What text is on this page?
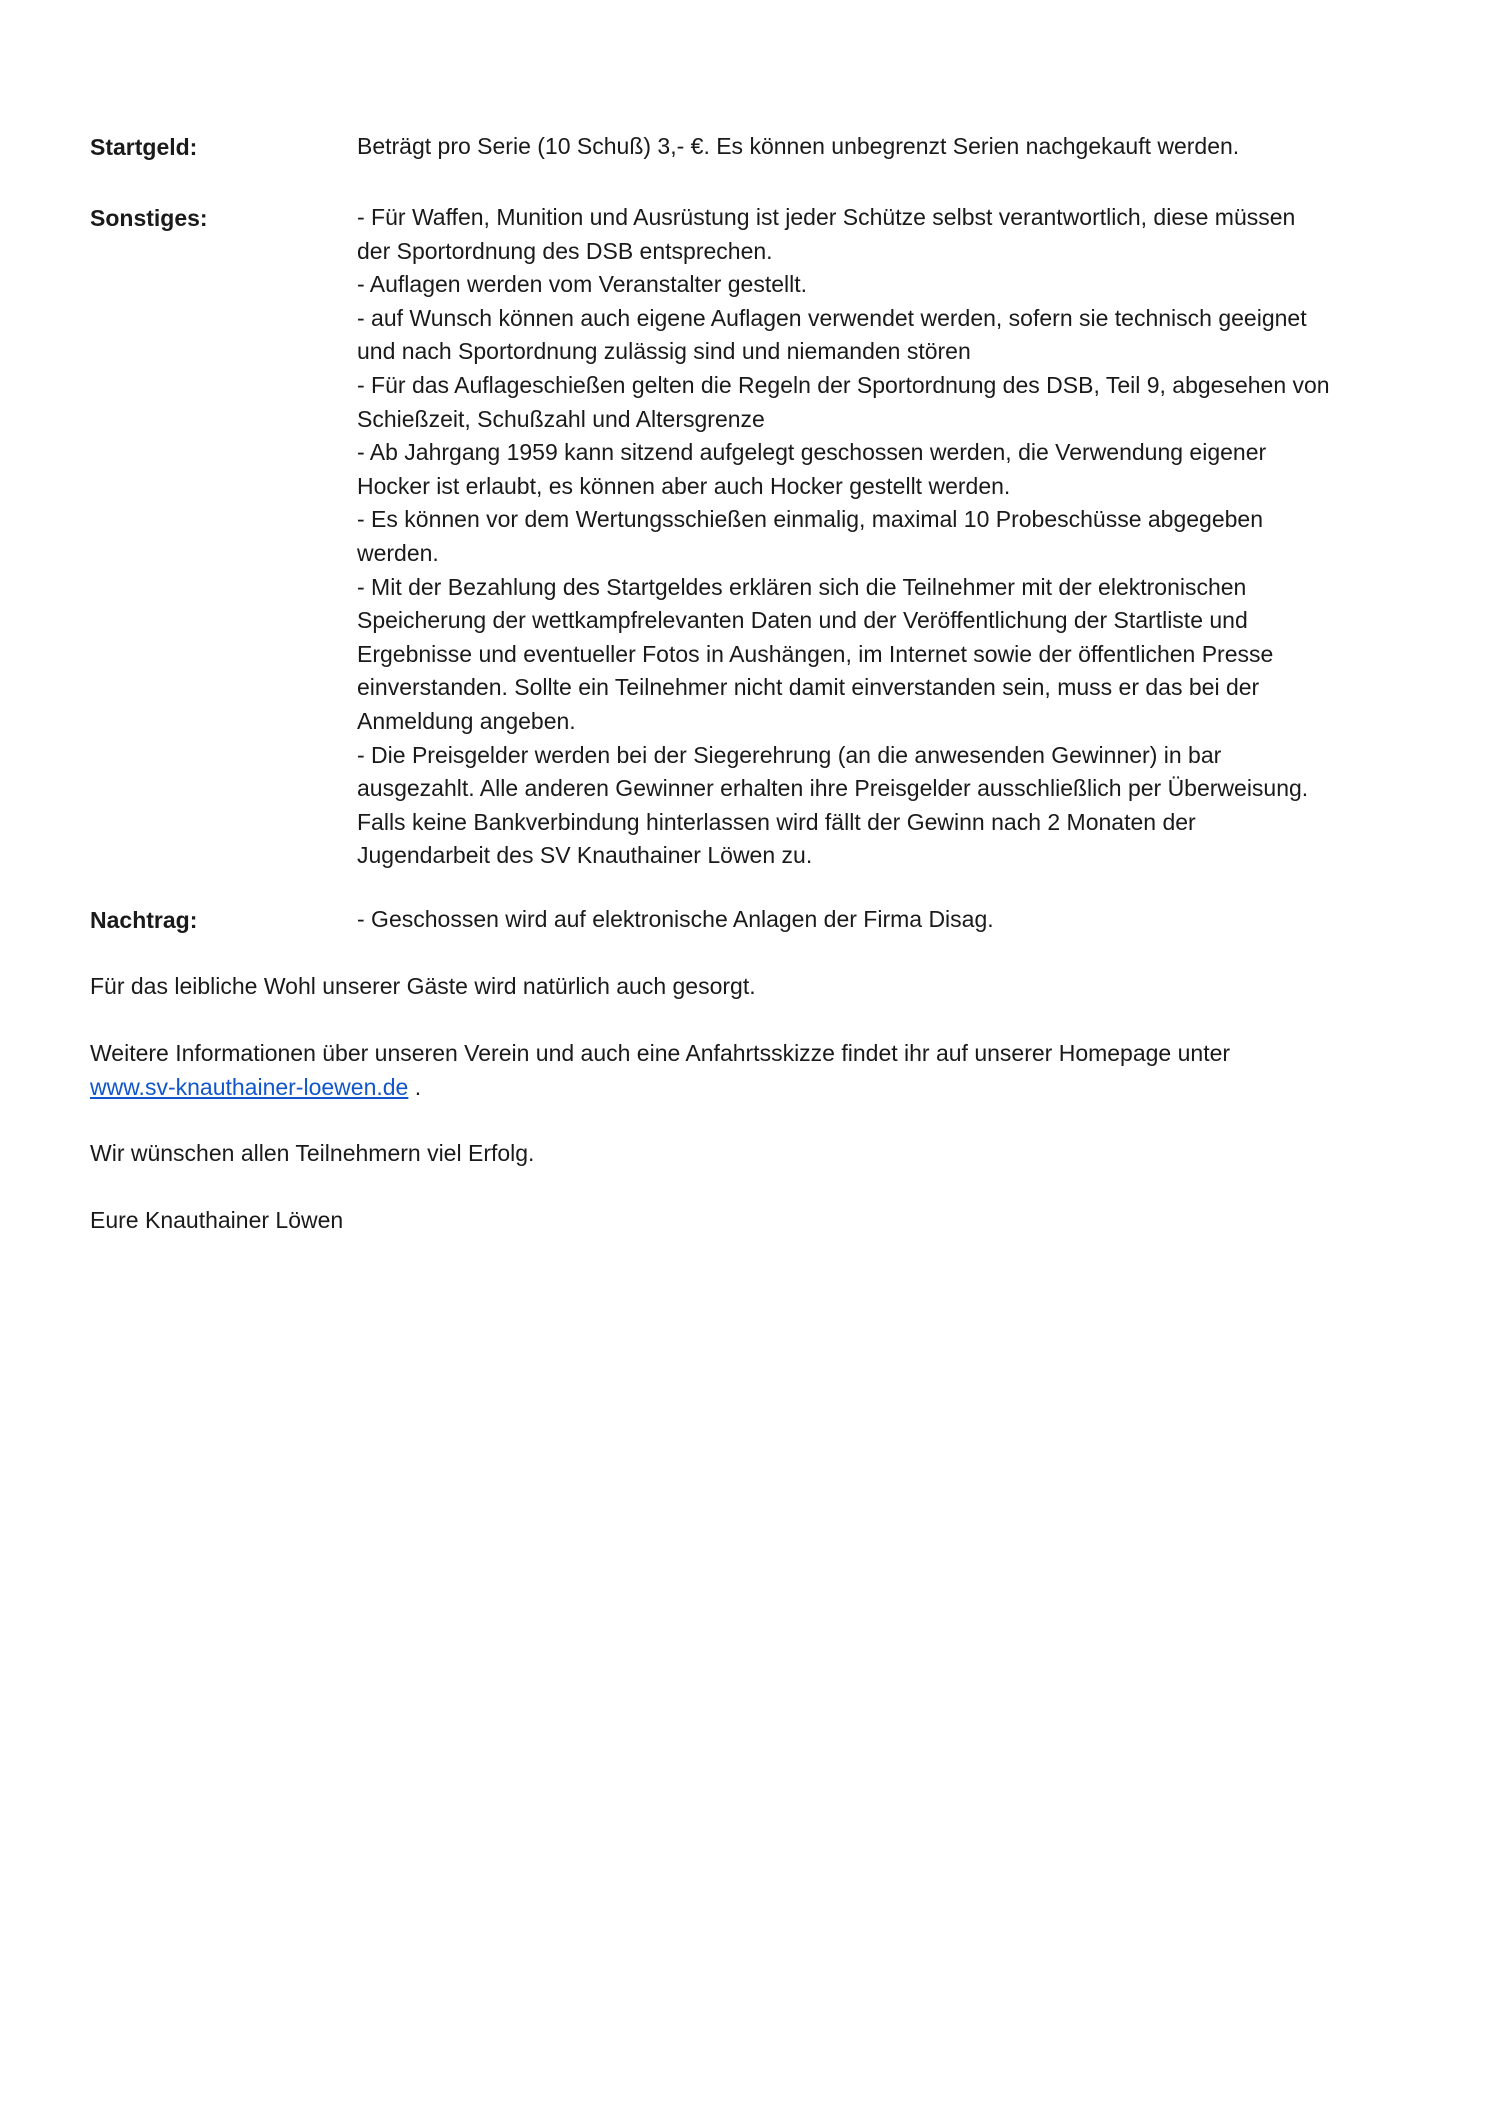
Startgeld:	Beträgt pro Serie (10 Schuß) 3,- €. Es können unbegrenzt Serien nachgekauft werden.
Sonstiges:	- Für Waffen, Munition und Ausrüstung ist jeder Schütze selbst verantwortlich, diese müssen
der Sportordnung des DSB entsprechen.
- Auflagen werden vom Veranstalter gestellt.
- auf Wunsch können auch eigene Auflagen verwendet werden, sofern sie technisch geeignet
und nach Sportordnung zulässig sind und niemanden stören
- Für das Auflageschießen gelten die Regeln der Sportordnung des DSB, Teil 9, abgesehen von
Schießzeit, Schußzahl und Altersgrenze
- Ab Jahrgang 1959 kann sitzend aufgelegt geschossen werden, die Verwendung eigener
Hocker ist erlaubt, es können aber auch Hocker gestellt werden.
- Es können vor dem Wertungsschießen einmalig, maximal 10 Probeschüsse abgegeben
werden.
- Mit der Bezahlung des Startgeldes erklären sich die Teilnehmer mit der elektronischen
Speicherung der wettkampfrelevanten Daten und der Veröffentlichung der Startliste und
Ergebnisse und eventueller Fotos in Aushängen, im Internet sowie der öffentlichen Presse
einverstanden. Sollte ein Teilnehmer nicht damit einverstanden sein, muss er das bei der
Anmeldung angeben.
- Die Preisgelder werden bei der Siegerehrung (an die anwesenden Gewinner) in bar
ausgezahlt. Alle anderen Gewinner erhalten ihre Preisgelder ausschließlich per Überweisung.
Falls keine Bankverbindung hinterlassen wird fällt der Gewinn nach 2 Monaten der
Jugendarbeit des SV Knauthainer Löwen zu.
Nachtrag:	- Geschossen wird auf elektronische Anlagen der Firma Disag.
Für das leibliche Wohl unserer Gäste wird natürlich auch gesorgt.
Weitere Informationen über unseren Verein und auch eine Anfahrtsskizze findet ihr auf unserer Homepage unter
www.sv-knauthainer-loewen.de .
Wir wünschen allen Teilnehmern viel Erfolg.
Eure Knauthainer Löwen
